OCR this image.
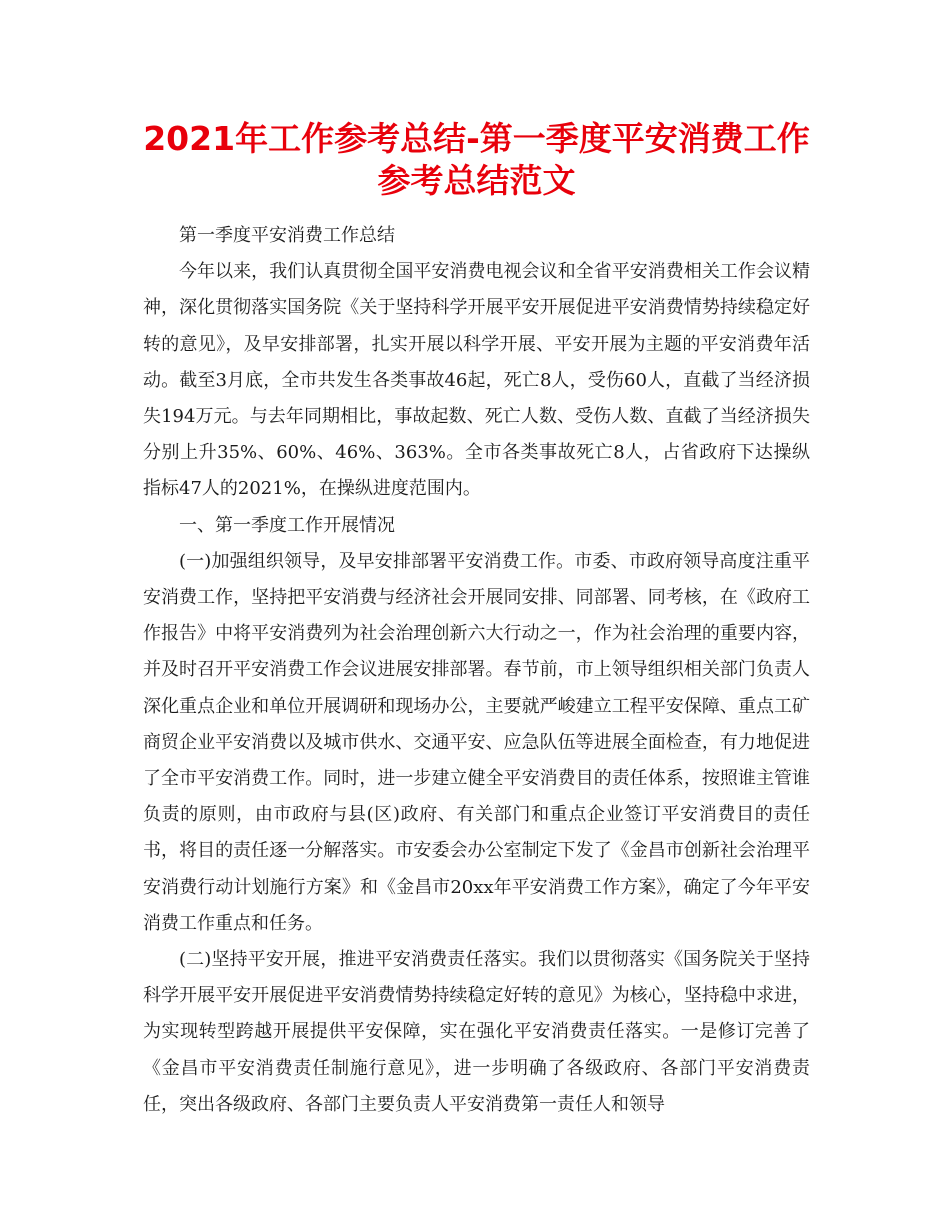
2021年工作参考总结-第一季度平安消费工作参考总结范文

第一季度平安消费工作总结

今年以来，我们认真贯彻全国平安消费电视会议和全省平安消费相关工作会议精神，深化贯彻落实国务院《关于坚持科学开展平安开展促进平安消费情势持续稳定好转的意见》，及早安排部署，扎实开展以科学开展、平安开展为主题的平安消费年活动。截至3月底，全市共发生各类事故46起，死亡8人，受伤60人，直截了当经济损失194万元。与去年同期相比，事故起数、死亡人数、受伤人数、直截了当经济损失分别上升35%、60%、46%、363%。全市各类事故死亡8人，占省政府下达操纵指标47人的2021%，在操纵进度范围内。

一、第一季度工作开展情况

(一)加强组织领导，及早安排部署平安消费工作。市委、市政府领导高度注重平安消费工作，坚持把平安消费与经济社会开展同安排、同部署、同考核，在《政府工作报告》中将平安消费列为社会治理创新六大行动之一，作为社会治理的重要内容，并及时召开平安消费工作会议进展安排部署。春节前，市上领导组织相关部门负责人深化重点企业和单位开展调研和现场办公，主要就严峻建立工程平安保障、重点工矿商贸企业平安消费以及城市供水、交通平安、应急队伍等进展全面检查，有力地促进了全市平安消费工作。同时，进一步建立健全平安消费目的责任体系，按照谁主管谁负责的原则，由市政府与县(区)政府、有关部门和重点企业签订平安消费目的责任书，将目的责任逐一分解落实。市安委会办公室制定下发了《金昌市创新社会治理平安消费行动计划施行方案》和《金昌市20xx年平安消费工作方案》，确定了今年平安消费工作重点和任务。

(二)坚持平安开展，推进平安消费责任落实。我们以贯彻落实《国务院关于坚持科学开展平安开展促进平安消费情势持续稳定好转的意见》为核心，坚持稳中求进，为实现转型跨越开展提供平安保障，实在强化平安消费责任落实。一是修订完善了《金昌市平安消费责任制施行意见》，进一步明确了各级政府、各部门平安消费责任，突出各级政府、各部门主要负责人平安消费第一责任人和领导
